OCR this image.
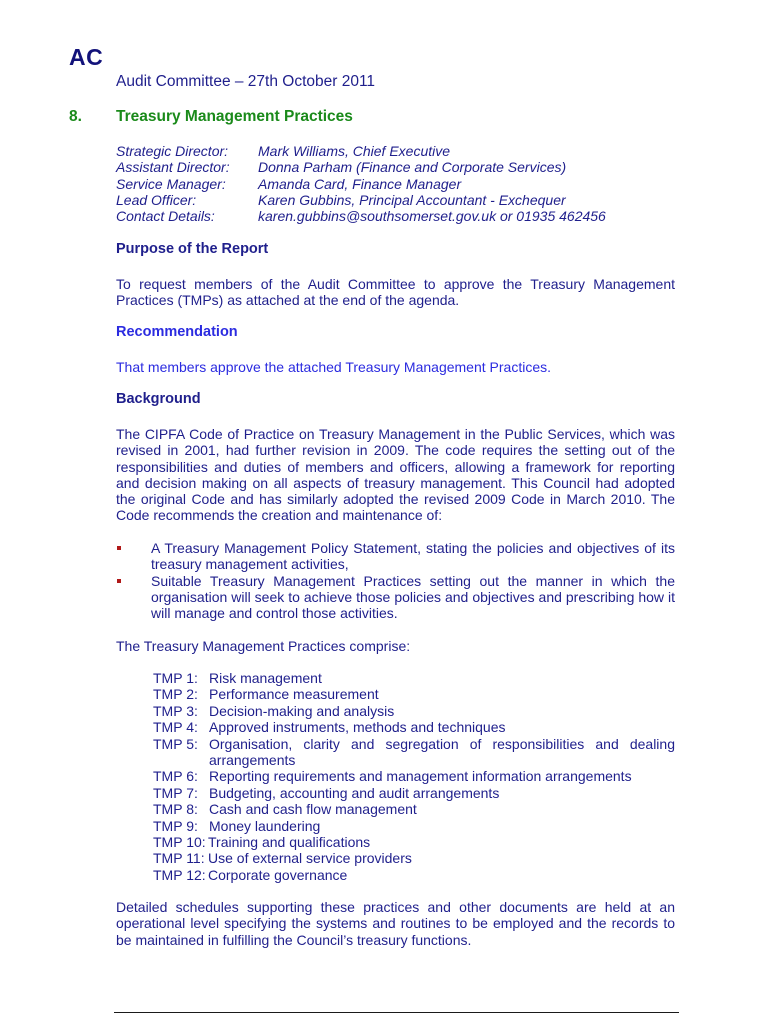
AC
Audit Committee – 27th October 2011
8. Treasury Management Practices
Strategic Director:	Mark Williams, Chief Executive
Assistant Director:	Donna Parham (Finance and Corporate Services)
Service Manager:	Amanda Card, Finance Manager
Lead Officer:	Karen Gubbins, Principal Accountant - Exchequer
Contact Details:	karen.gubbins@southsomerset.gov.uk or 01935 462456
Purpose of the Report
To request members of the Audit Committee to approve the Treasury Management Practices (TMPs) as attached at the end of the agenda.
Recommendation
That members approve the attached Treasury Management Practices.
Background
The CIPFA Code of Practice on Treasury Management in the Public Services, which was revised in 2001, had further revision in 2009. The code requires the setting out of the responsibilities and duties of members and officers, allowing a framework for reporting and decision making on all aspects of treasury management. This Council had adopted the original Code and has similarly adopted the revised 2009 Code in March 2010. The Code recommends the creation and maintenance of:
A Treasury Management Policy Statement, stating the policies and objectives of its treasury management activities,
Suitable Treasury Management Practices setting out the manner in which the organisation will seek to achieve those policies and objectives and prescribing how it will manage and control those activities.
The Treasury Management Practices comprise:
TMP 1: Risk management
TMP 2: Performance measurement
TMP 3: Decision-making and analysis
TMP 4: Approved instruments, methods and techniques
TMP 5: Organisation, clarity and segregation of responsibilities and dealing arrangements
TMP 6: Reporting requirements and management information arrangements
TMP 7: Budgeting, accounting and audit arrangements
TMP 8: Cash and cash flow management
TMP 9: Money laundering
TMP 10: Training and qualifications
TMP 11: Use of external service providers
TMP 12: Corporate governance
Detailed schedules supporting these practices and other documents are held at an operational level specifying the systems and routines to be employed and the records to be maintained in fulfilling the Council’s treasury functions.
